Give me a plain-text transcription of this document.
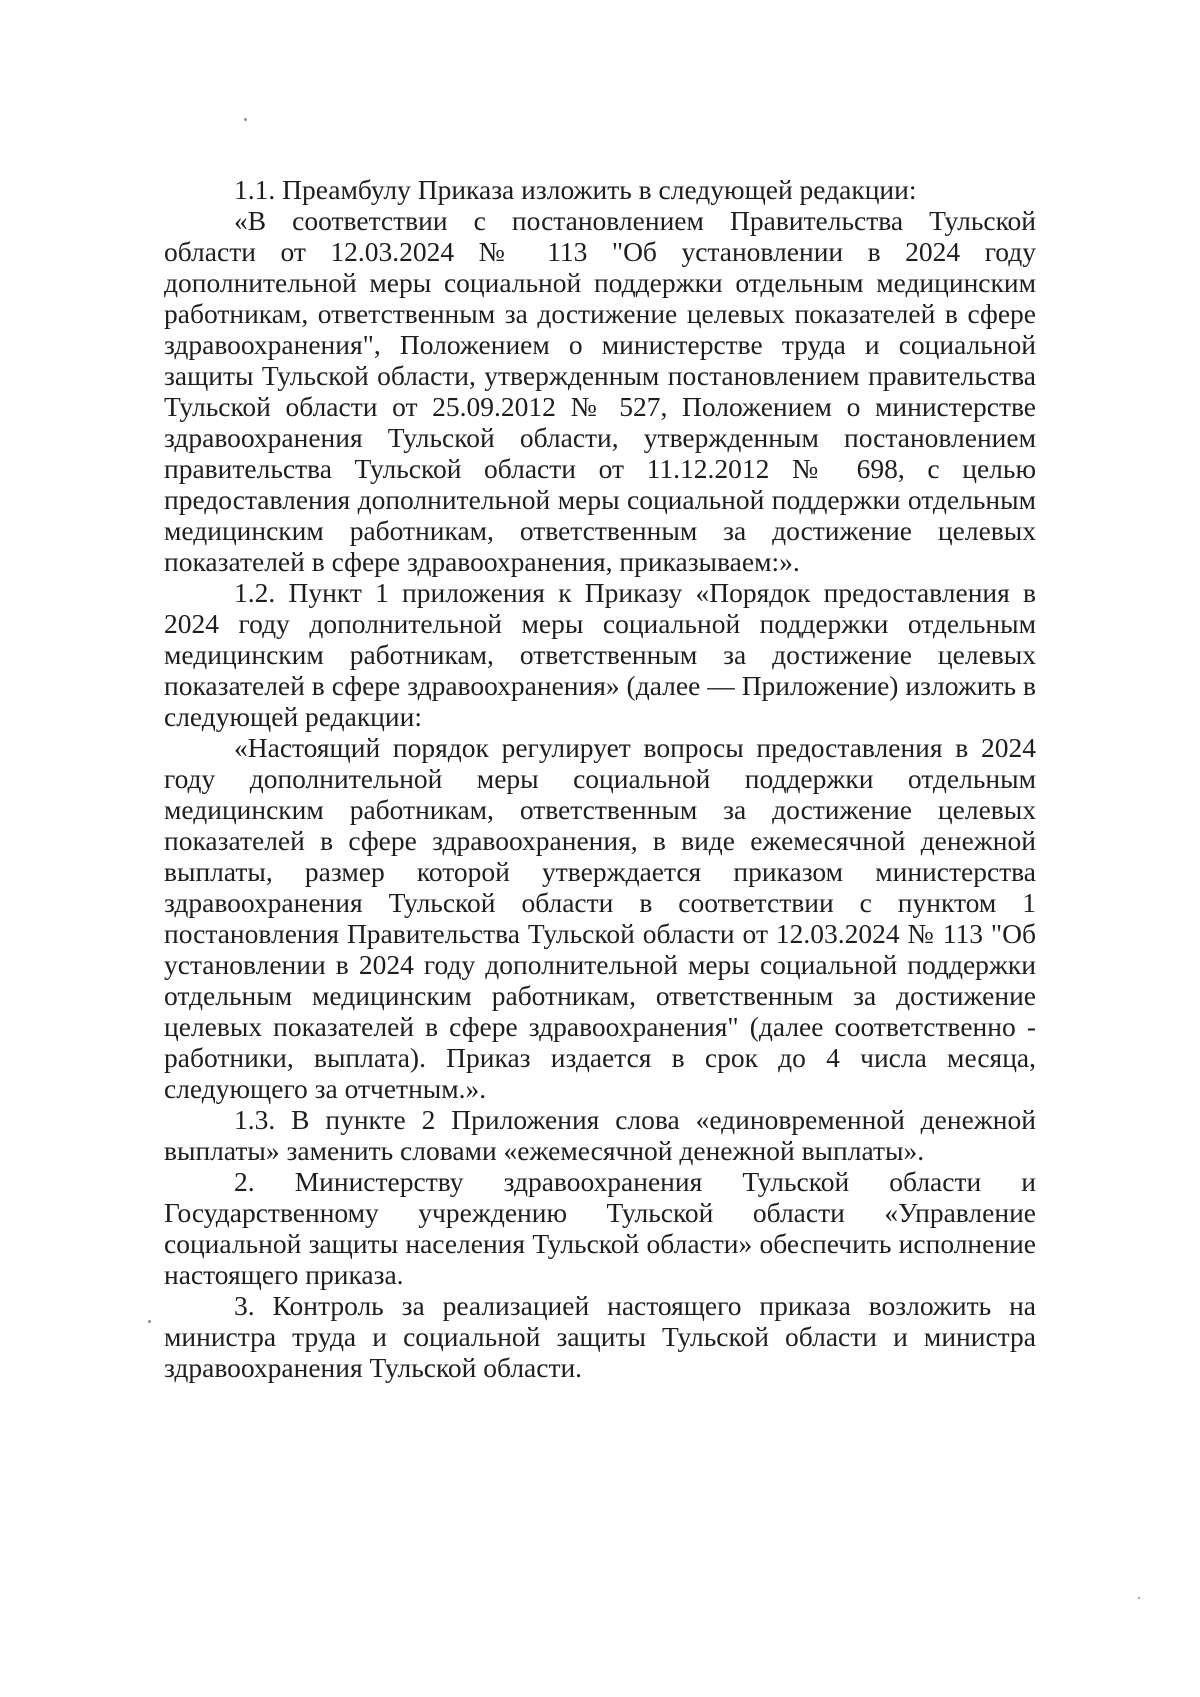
1.1. Преамбулу Приказа изложить в следующей редакции:

«В соответствии с постановлением Правительства Тульской области от 12.03.2024 № 113 "Об установлении в 2024 году дополнительной меры социальной поддержки отдельным медицинским работникам, ответственным за достижение целевых показателей в сфере здравоохранения", Положением о министерстве труда и социальной защиты Тульской области, утвержденным постановлением правительства Тульской области от 25.09.2012 № 527, Положением о министерстве здравоохранения Тульской области, утвержденным постановлением правительства Тульской области от 11.12.2012 № 698, с целью предоставления дополнительной меры социальной поддержки отдельным медицинским работникам, ответственным за достижение целевых показателей в сфере здравоохранения, приказываем:».

1.2. Пункт 1 приложения к Приказу «Порядок предоставления в 2024 году дополнительной меры социальной поддержки отдельным медицинским работникам, ответственным за достижение целевых показателей в сфере здравоохранения» (далее — Приложение) изложить в следующей редакции:

«Настоящий порядок регулирует вопросы предоставления в 2024 году дополнительной меры социальной поддержки отдельным медицинским работникам, ответственным за достижение целевых показателей в сфере здравоохранения, в виде ежемесячной денежной выплаты, размер которой утверждается приказом министерства здравоохранения Тульской области в соответствии с пунктом 1 постановления Правительства Тульской области от 12.03.2024 № 113 "Об установлении в 2024 году дополнительной меры социальной поддержки отдельным медицинским работникам, ответственным за достижение целевых показателей в сфере здравоохранения" (далее соответственно - работники, выплата). Приказ издается в срок до 4 числа месяца, следующего за отчетным.».

1.3. В пункте 2 Приложения слова «единовременной денежной выплаты» заменить словами «ежемесячной денежной выплаты».

2. Министерству здравоохранения Тульской области и Государственному учреждению Тульской области «Управление социальной защиты населения Тульской области» обеспечить исполнение настоящего приказа.

3. Контроль за реализацией настоящего приказа возложить на министра труда и социальной защиты Тульской области и министра здравоохранения Тульской области.
